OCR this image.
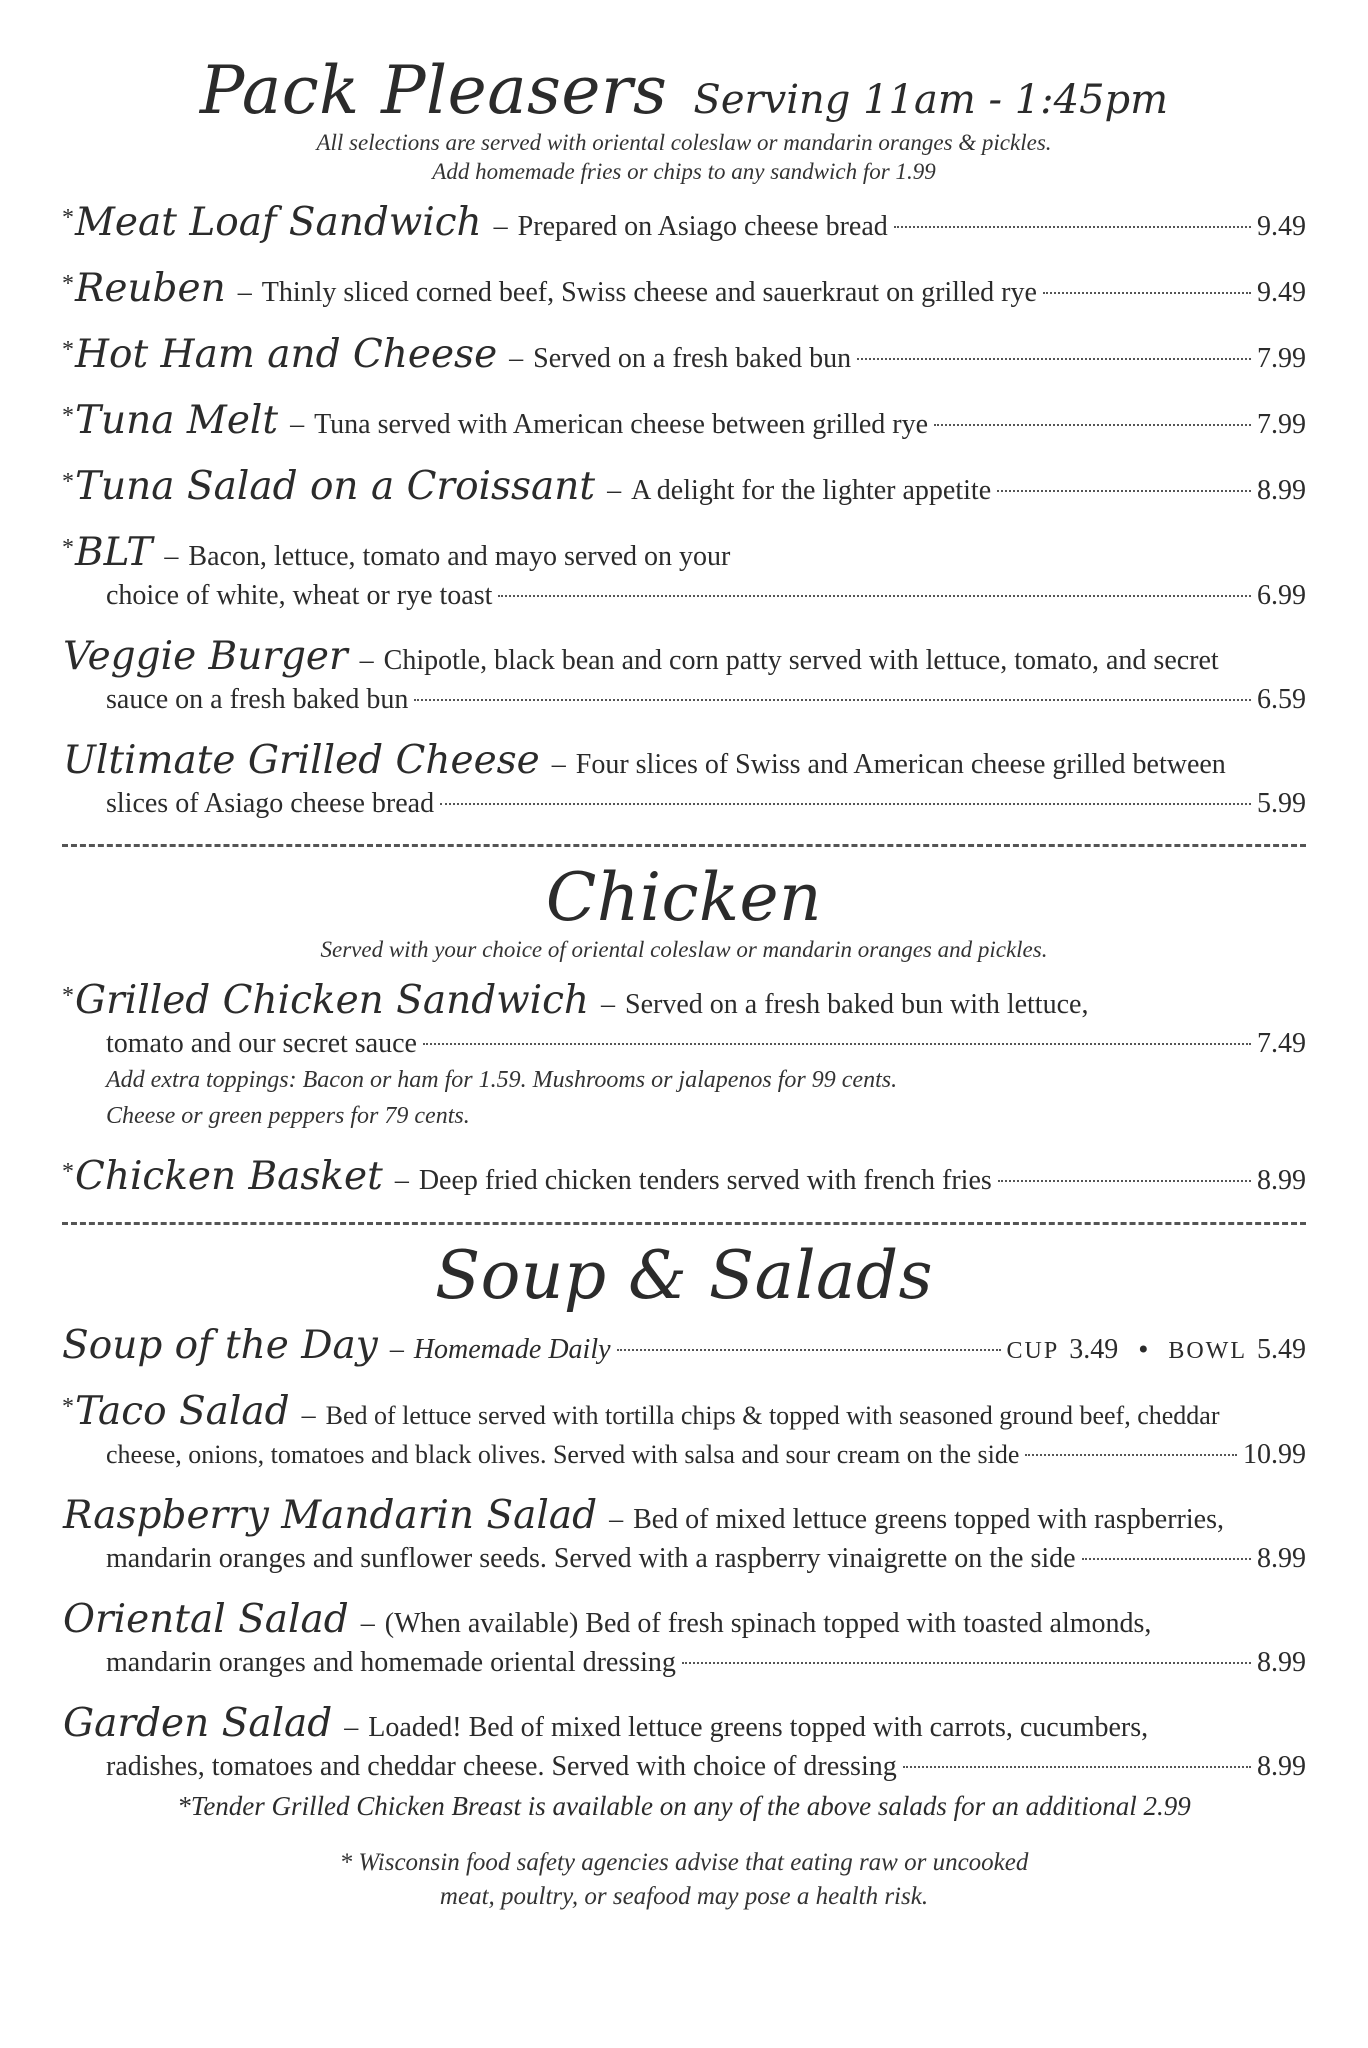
Pack Pleasers Serving 11am - 1:45pm
All selections are served with oriental coleslaw or mandarin oranges & pickles.
Add homemade fries or chips to any sandwich for 1.99
* Meat Loaf Sandwich – Prepared on Asiago cheese bread	9.49
* Reuben – Thinly sliced corned beef, Swiss cheese and sauerkraut on grilled rye	9.49
* Hot Ham and Cheese – Served on a fresh baked bun	7.99
* Tuna Melt – Tuna served with American cheese between grilled rye	7.99
* Tuna Salad on a Croissant – A delight for the lighter appetite	8.99
* BLT – Bacon, lettuce, tomato and mayo served on your
choice of white, wheat or rye toast	6.99
Veggie Burger – Chipotle, black bean and corn patty served with lettuce, tomato, and secret
sauce on a fresh baked bun	6.59
Ultimate Grilled Cheese – Four slices of Swiss and American cheese grilled between
slices of Asiago cheese bread	5.99
Chicken
Served with your choice of oriental coleslaw or mandarin oranges and pickles.
* Grilled Chicken Sandwich – Served on a fresh baked bun with lettuce,
tomato and our secret sauce	7.49
Add extra toppings: Bacon or ham for 1.59. Mushrooms or jalapenos for 99 cents.
Cheese or green peppers for 79 cents.
* Chicken Basket – Deep fried chicken tenders served with french fries	8.99
Soup & Salads
Soup of the Day – Homemade Daily	CUP 3.49 • BOWL 5.49
* Taco Salad – Bed of lettuce served with tortilla chips & topped with seasoned ground beef, cheddar
cheese, onions, tomatoes and black olives. Served with salsa and sour cream on the side	10.99
Raspberry Mandarin Salad – Bed of mixed lettuce greens topped with raspberries,
mandarin oranges and sunflower seeds. Served with a raspberry vinaigrette on the side	8.99
Oriental Salad – (When available) Bed of fresh spinach topped with toasted almonds,
mandarin oranges and homemade oriental dressing	8.99
Garden Salad – Loaded! Bed of mixed lettuce greens topped with carrots, cucumbers,
radishes, tomatoes and cheddar cheese. Served with choice of dressing	8.99
*Tender Grilled Chicken Breast is available on any of the above salads for an additional 2.99
* Wisconsin food safety agencies advise that eating raw or uncooked
meat, poultry, or seafood may pose a health risk.
